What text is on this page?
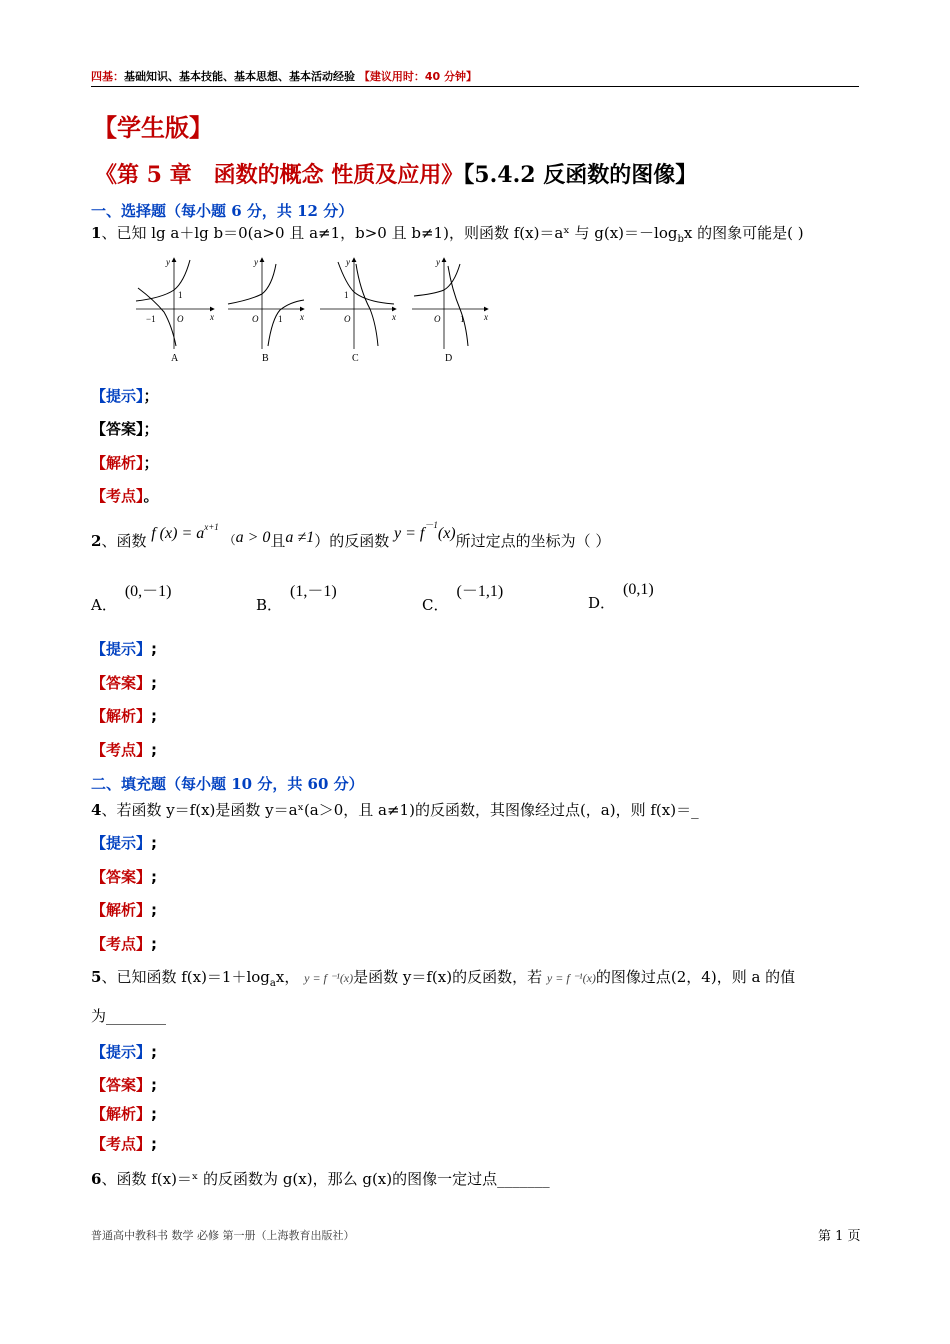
四基：基础知识、基本技能、基本思想、基本活动经验 【建议用时：40 分钟】
【学生版】
《第 5 章　函数的概念 性质及应用》【5.4.2 反函数的图像】
一、选择题（每小题 6 分，共 12 分）
1、已知 lg a＋lg b＝0(a>0 且 a≠1，b>0 且 b≠1)，则函数 f(x)＝aˣ 与 $g(x)=-\log_bx$ 的图象可能是( )
y
x
O
1
−1
A
y
x
O 1
B
y
x
O
1
C
y
x
O 1
D
【提示】；
【答案】；
【解析】；
【考点】。
2、函数 f $(x) = a^{x+1}$ （a > 0且a ≠1）的反函数 $y = f^{-1}(x)$所过定点的坐标为（ ）
A．(0,－1)
B．(1,－1)
C．(－1,1)
D．(0,1)
【提示】;
【答案】;
【解析】;
【考点】;
二、填充题（每小题 10 分，共 60 分）
4、若函数 y＝f(x)是函数 y＝aˣ(a＞0，且 a≠1)的反函数，其图像经过点(，a)，则 f(x)＝_
【提示】;
【答案】;
【解析】;
【考点】;
5、已知函数 $f(x)=1+\log_ax$， y = f ⁻¹(x)是函数 y＝f(x)的反函数，若 y = f ⁻¹(x)的图像过点(2，4)，则 a 的值
为________
【提示】;
【答案】;
【解析】;
【考点】;
6、函数 f(x)＝ˣ 的反函数为 g(x)，那么 g(x)的图像一定过点_______
普通高中教科书 数学 必修 第一册（上海教育出版社）	第 1 页
